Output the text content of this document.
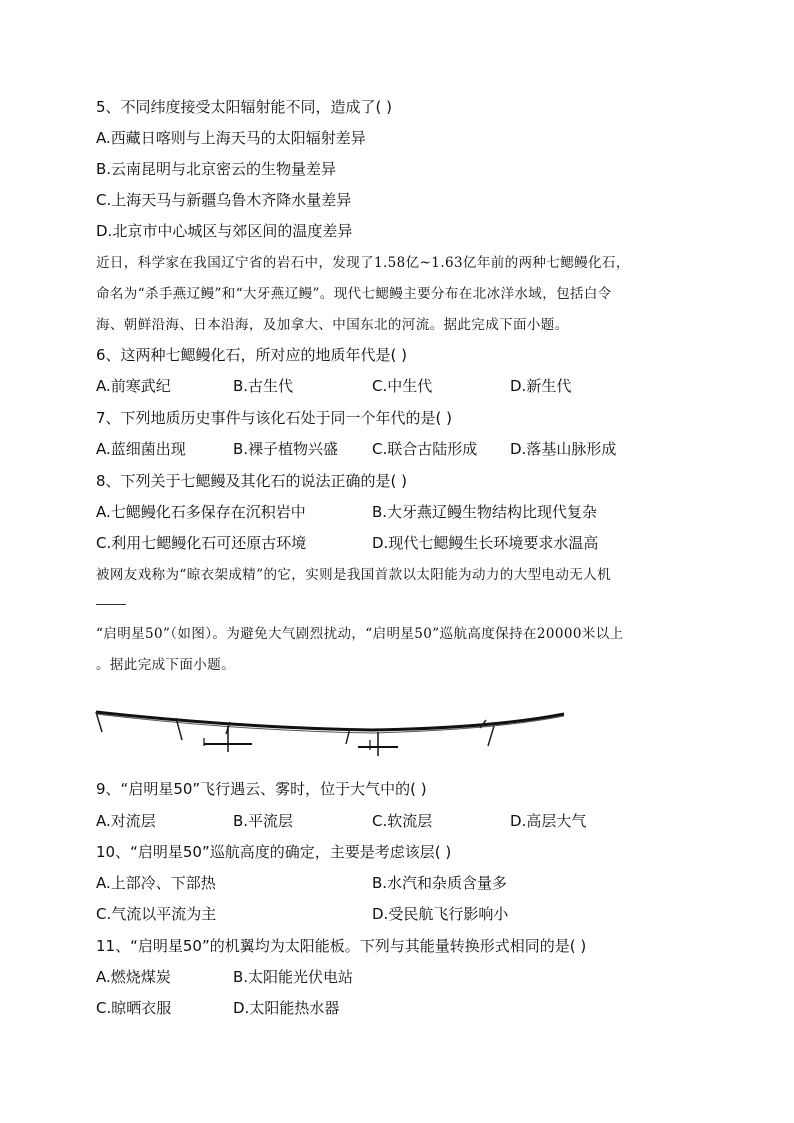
5、不同纬度接受太阳辐射能不同，造成了( )
A.西藏日喀则与上海天马的太阳辐射差异
B.云南昆明与北京密云的生物量差异
C.上海天马与新疆乌鲁木齐降水量差异
D.北京市中心城区与郊区间的温度差异
近日，科学家在我国辽宁省的岩石中，发现了1.58亿~1.63亿年前的两种七鳃鳗化石，
命名为“杀手燕辽鳗”和“大牙燕辽鳗”。现代七鳃鳗主要分布在北冰洋水域，包括白令
海、朝鲜沿海、日本沿海，及加拿大、中国东北的河流。据此完成下面小题。
6、这两种七鳃鳗化石，所对应的地质年代是( )
A.前寒武纪	B.古生代	C.中生代	D.新生代
7、下列地质历史事件与该化石处于同一个年代的是( )
A.蓝细菌出现	B.裸子植物兴盛 C.联合古陆形成 D.落基山脉形成
8、下列关于七鳃鳗及其化石的说法正确的是( )
A.七鳃鳗化石多保存在沉积岩中	B.大牙燕辽鳗生物结构比现代复杂
C.利用七鳃鳗化石可还原古环境	D.现代七鳃鳗生长环境要求水温高
被网友戏称为“晾衣架成精”的它，实则是我国首款以太阳能为动力的大型电动无人机
“启明星50”（如图）。为避免大气剧烈扰动，“启明星50”巡航高度保持在20000米以上
。据此完成下面小题。
9、“启明星50”飞行遇云、雾时，位于大气中的( )
A.对流层	B.平流层	C.软流层	D.高层大气
10、“启明星50”巡航高度的确定，主要是考虑该层( )
A.上部冷、下部热	B.水汽和杂质含量多
C.气流以平流为主	D.受民航飞行影响小
11、“启明星50”的机翼均为太阳能板。下列与其能量转换形式相同的是( )
A.燃烧煤炭	B.太阳能光伏电站
C.晾晒衣服	D.太阳能热水器
